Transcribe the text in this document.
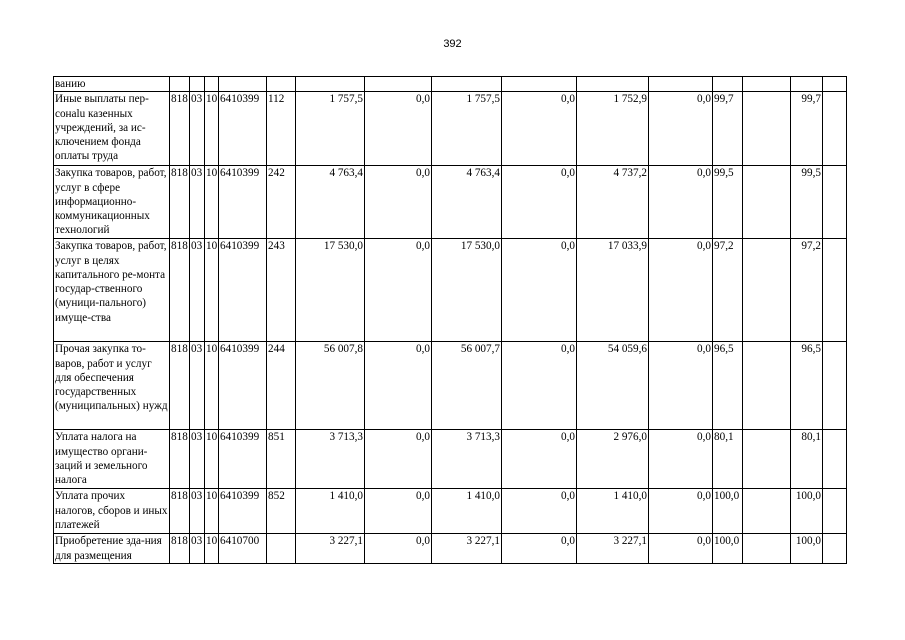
392
ванию															
Иные выплаты пер-сонalu казенных учреждений, за ис-ключением фонда оплаты труда	818	03	10	6410399	112	1 757,5	0,0	1 757,5	0,0	1 752,9	0,0	99,7		99,7	
Закупка товаров, работ, услуг в сфере информационно-коммуникационных технологий	818	03	10	6410399	242	4 763,4	0,0	4 763,4	0,0	4 737,2	0,0	99,5		99,5	
Закупка товаров, работ, услуг в целях капитального ре-монта государ-ственного (муници-пального) имуще-ства	818	03	10	6410399	243	17 530,0	0,0	17 530,0	0,0	17 033,9	0,0	97,2		97,2	
Прочая закупка то-варов, работ и услуг для обеспечения государственных (муниципальных) нужд	818	03	10	6410399	244	56 007,8	0,0	56 007,7	0,0	54 059,6	0,0	96,5		96,5	
Уплата налога на имущество органи-заций и земельного налога	818	03	10	6410399	851	3 713,3	0,0	3 713,3	0,0	2 976,0	0,0	80,1		80,1	
Уплата прочих налогов, сборов и иных платежей	818	03	10	6410399	852	1 410,0	0,0	1 410,0	0,0	1 410,0	0,0	100,0		100,0	
Приобретение зда-ния для размещения	818	03	10	6410700		3 227,1	0,0	3 227,1	0,0	3 227,1	0,0	100,0		100,0	
